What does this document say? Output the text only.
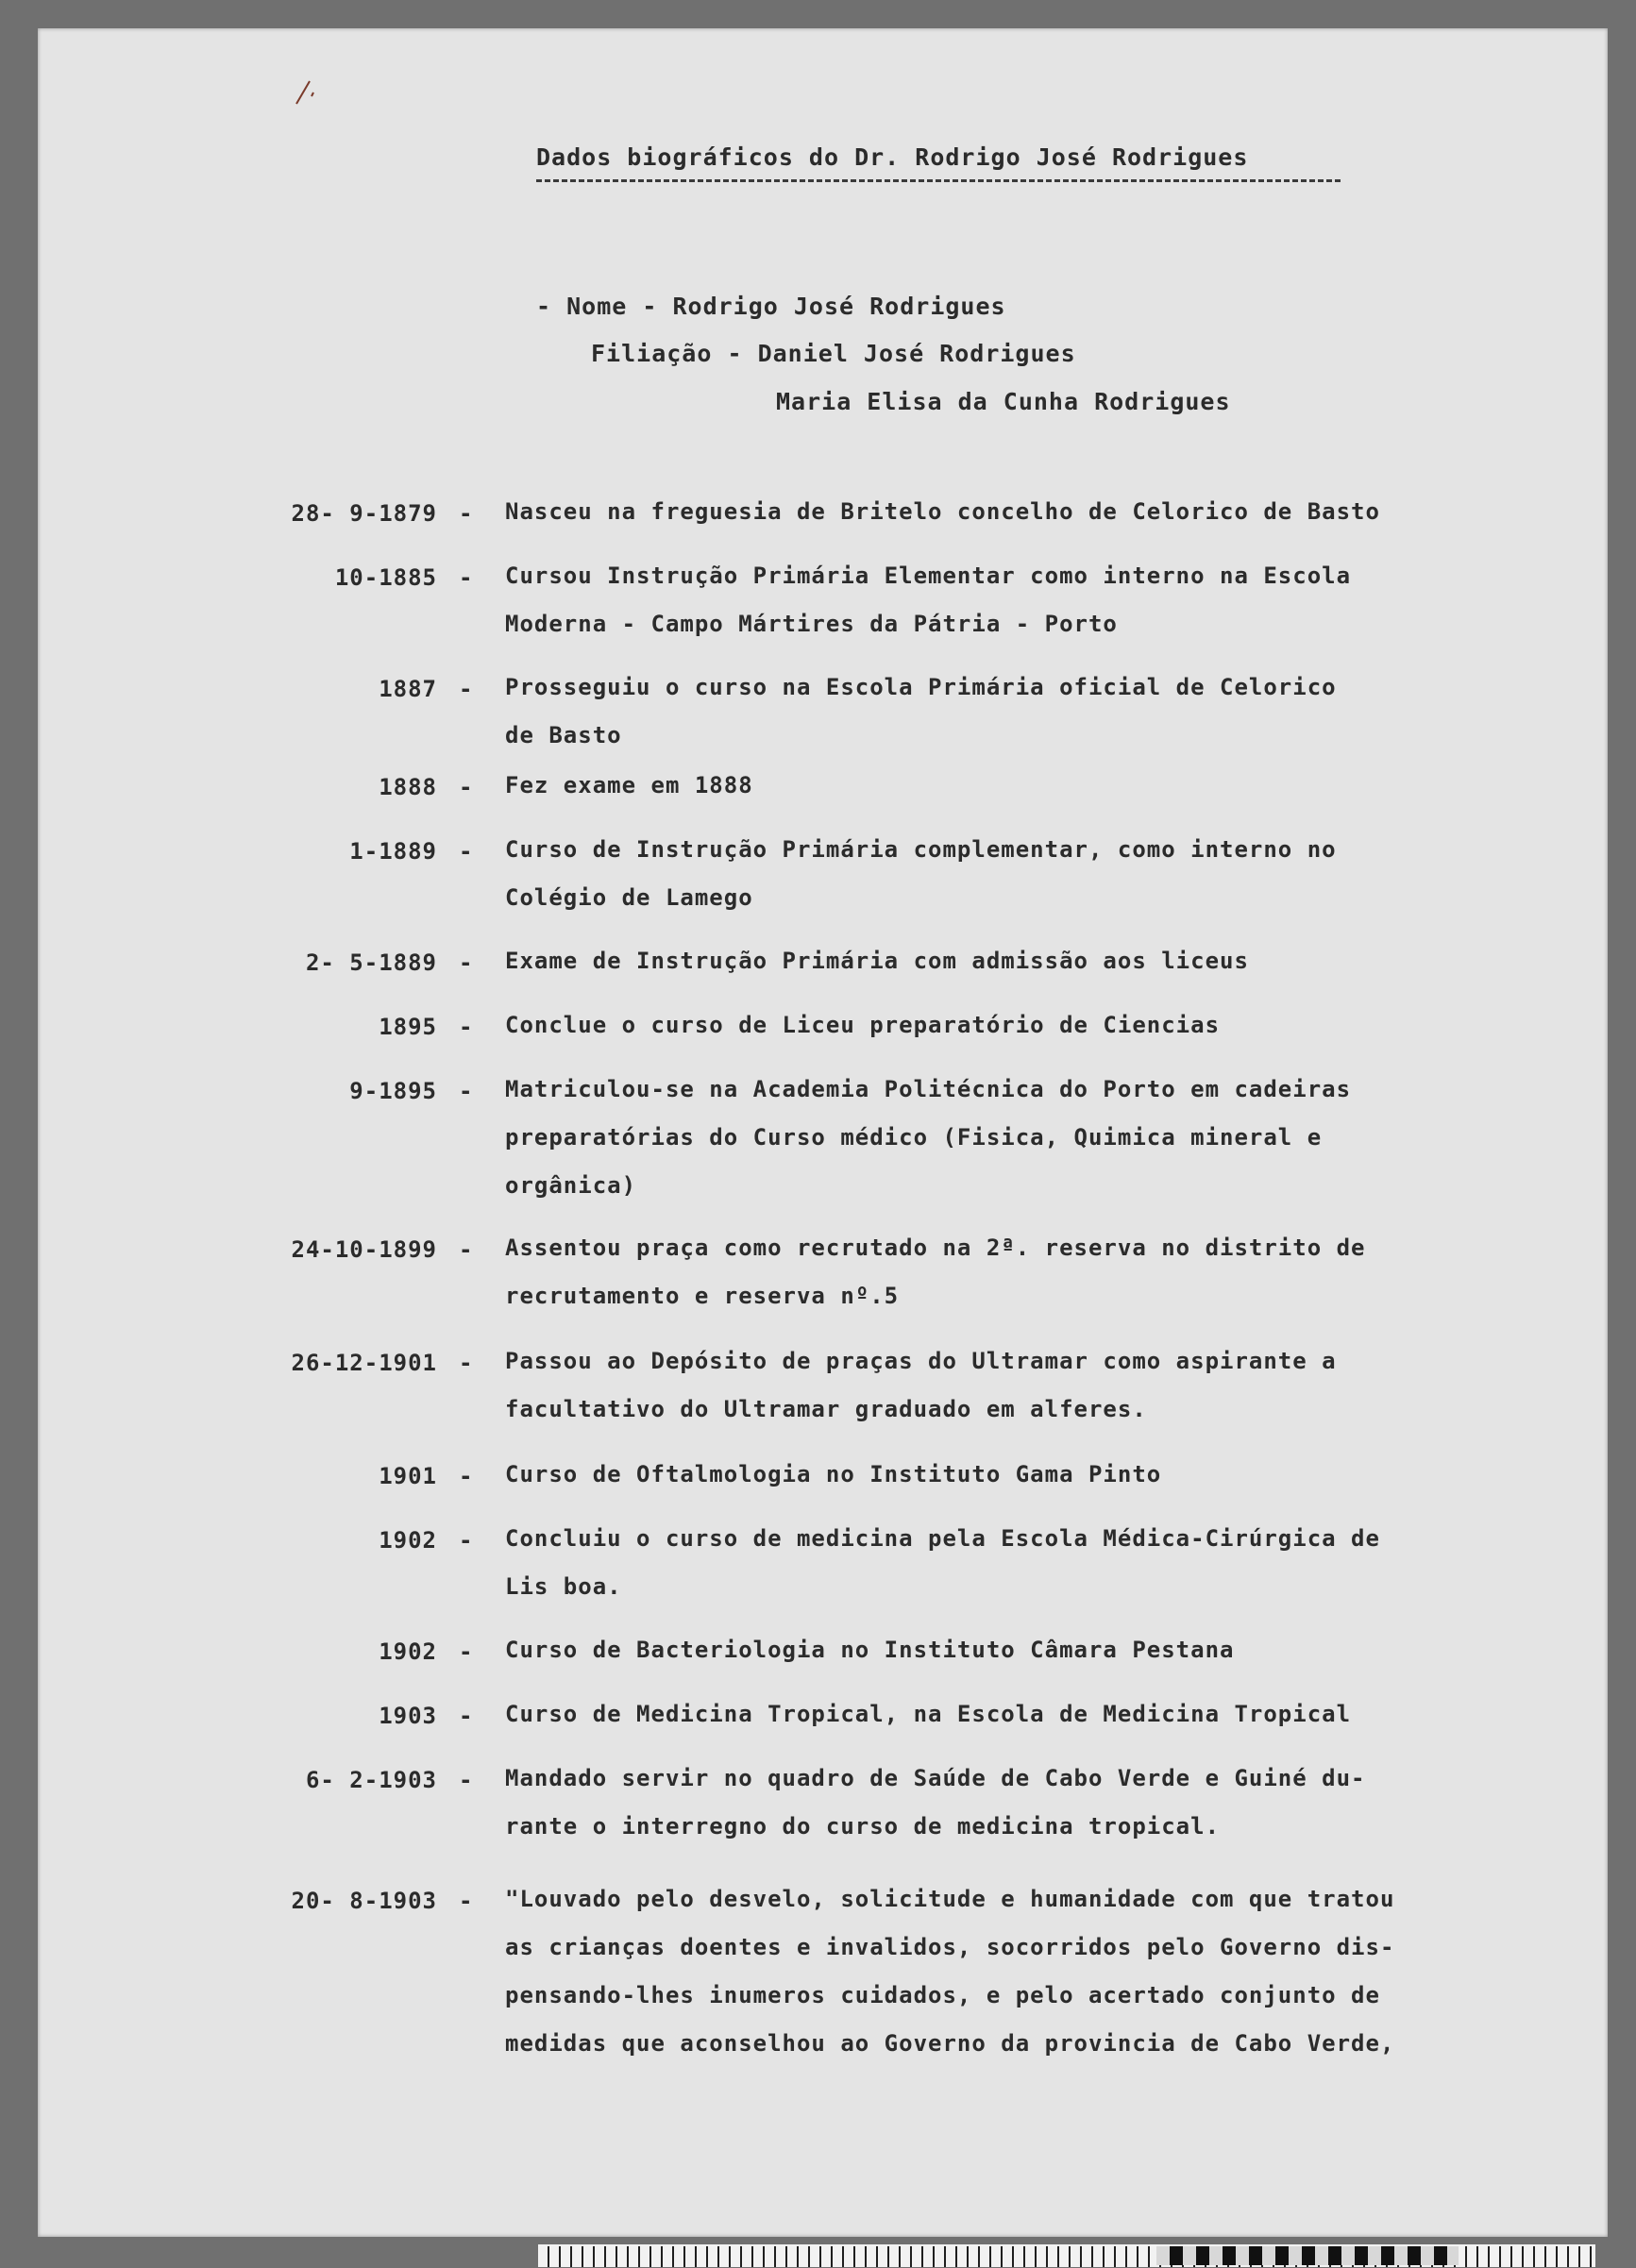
Dados biográficos do Dr. Rodrigo José Rodrigues
- Nome - Rodrigo José Rodrigues
Filiação - Daniel José Rodrigues
Maria Elisa da Cunha Rodrigues
28- 9-1879 - Nasceu na freguesia de Britelo concelho de Celorico de Basto
10-1885 - Cursou Instrução Primária Elementar como interno na Escola
Moderna - Campo Mártires da Pátria - Porto
1887 - Prosseguiu o curso na Escola Primária oficial de Celorico
de Basto
1888 - Fez exame em 1888
1-1889 - Curso de Instrução Primária complementar, como interno no
Colégio de Lamego
2- 5-1889 - Exame de Instrução Primária com admissão aos liceus
1895 - Conclue o curso de Liceu preparatório de Ciencias
9-1895 - Matriculou-se na Academia Politécnica do Porto em cadeiras
preparatórias do Curso médico (Fisica, Quimica mineral e
orgânica)
24-10-1899 - Assentou praça como recrutado na 2ª. reserva no distrito de
recrutamento e reserva nº.5
26-12-1901 - Passou ao Depósito de praças do Ultramar como aspirante a
facultativo do Ultramar graduado em alferes.
1901 - Curso de Oftalmologia no Instituto Gama Pinto
1902 - Concluiu o curso de medicina pela Escola Médica-Cirúrgica de
Lis boa.
1902 - Curso de Bacteriologia no Instituto Câmara Pestana
1903 - Curso de Medicina Tropical, na Escola de Medicina Tropical
6- 2-1903 - Mandado servir no quadro de Saúde de Cabo Verde e Guiné du-
rante o interregno do curso de medicina tropical.
20- 8-1903 - "Louvado pelo desvelo, solicitude e humanidade com que tratou
as crianças doentes e invalidos, socorridos pelo Governo dis-
pensando-lhes inumeros cuidados, e pelo acertado conjunto de
medidas que aconselhou ao Governo da provincia de Cabo Verde,
